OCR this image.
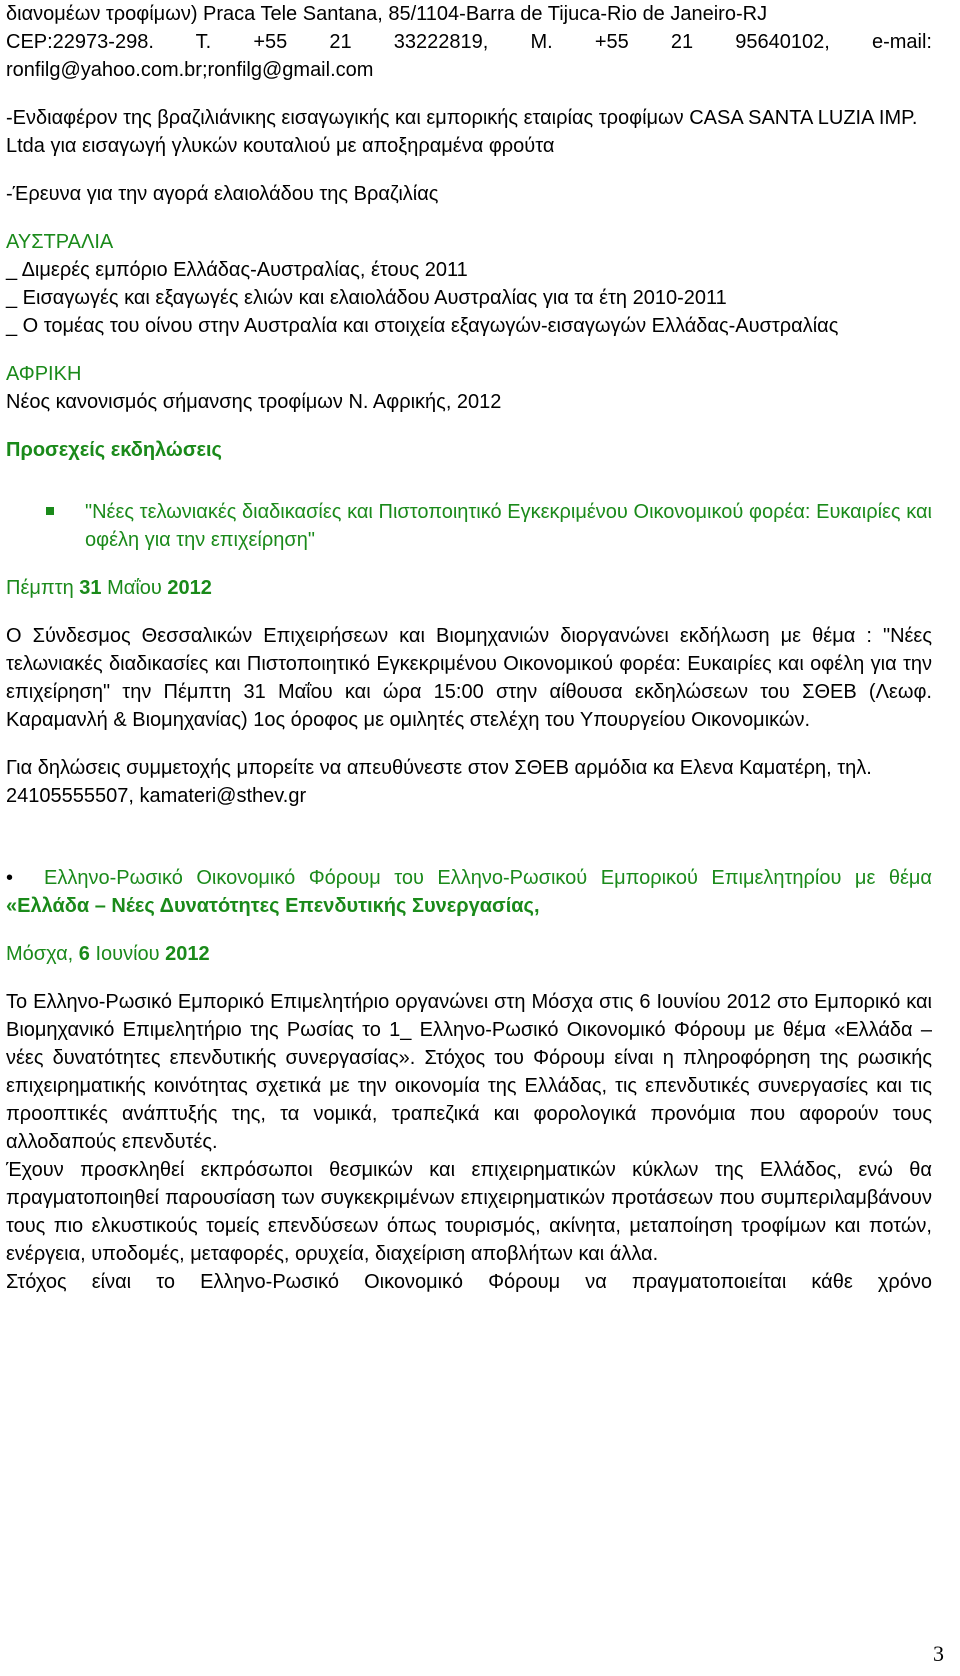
διανομέων τροφίμων) Praca Tele Santana, 85/1104-Barra de Tijuca-Rio de Janeiro-RJ

CEP:22973-298. T. +55 21 33222819, M. +55 21 95640102, e-mail: ronfilg@yahoo.com.br;ronfilg@gmail.com

-Ενδιαφέρον της βραζιλιάνικης εισαγωγικής και εμπορικής εταιρίας τροφίμων CASA SANTA LUZIA IMP. Ltda για εισαγωγή γλυκών κουταλιού με αποξηραμένα φρούτα

-Έρευνα για την αγορά ελαιολάδου της Βραζιλίας

ΑΥΣΤΡΑΛΙΑ

_ Διμερές εμπόριο Ελλάδας-Αυστραλίας, έτους 2011

_ Εισαγωγές και εξαγωγές ελιών και ελαιολάδου Αυστραλίας για τα έτη 2010-2011

_ Ο τομέας του οίνου στην Αυστραλία και στοιχεία εξαγωγών-εισαγωγών Ελλάδας-Αυστραλίας

ΑΦΡΙΚΗ

Νέος κανονισμός σήμανσης τροφίμων Ν. Αφρικής, 2012

Προσεχείς εκδηλώσεις

"Νέες τελωνιακές διαδικασίες και Πιστοποιητικό Εγκεκριμένου Οικονομικού φορέα: Ευκαιρίες και οφέλη για την επιχείρηση"

Πέμπτη 31 Μαΐου 2012

Ο Σύνδεσμος Θεσσαλικών Επιχειρήσεων και Βιομηχανιών διοργανώνει εκδήλωση με θέμα : "Νέες τελωνιακές διαδικασίες και Πιστοποιητικό Εγκεκριμένου Οικονομικού φορέα: Ευκαιρίες και οφέλη για την επιχείρηση" την Πέμπτη 31 Μαΐου και ώρα 15:00 στην αίθουσα εκδηλώσεων του ΣΘΕΒ (Λεωφ. Καραμανλή & Βιομηχανίας) 1ος όροφος με ομιλητές στελέχη του Υπουργείου Οικονομικών.

Για δηλώσεις συμμετοχής μπορείτε να απευθύνεστε στον ΣΘΕΒ αρμόδια κα Ελενα Καματέρη, τηλ. 24105555507, kamateri@sthev.gr

• Ελληνο-Ρωσικό Οικονομικό Φόρουμ του Ελληνο-Ρωσικού Εμπορικού Επιμελητηρίου με θέμα «Ελλάδα – Νέες Δυνατότητες Επενδυτικής Συνεργασίας,

Μόσχα, 6 Ιουνίου 2012

Το Ελληνο-Ρωσικό Εμπορικό Επιμελητήριο οργανώνει στη Μόσχα στις 6 Ιουνίου 2012 στο Εμπορικό και Βιομηχανικό Επιμελητήριο της Ρωσίας το 1_ Ελληνο-Ρωσικό Οικονομικό Φόρουμ με θέμα «Ελλάδα – νέες δυνατότητες επενδυτικής συνεργασίας». Στόχος του Φόρουμ είναι η πληροφόρηση της ρωσικής επιχειρηματικής κοινότητας σχετικά με την οικονομία της Ελλάδας, τις επενδυτικές συνεργασίες και τις προοπτικές ανάπτυξής της, τα νομικά, τραπεζικά και φορολογικά προνόμια που αφορούν τους αλλοδαπούς επενδυτές.

Έχουν προσκληθεί εκπρόσωποι θεσμικών και επιχειρηματικών κύκλων της Ελλάδος, ενώ θα πραγματοποιηθεί παρουσίαση των συγκεκριμένων επιχειρηματικών προτάσεων που συμπεριλαμβάνουν τους πιο ελκυστικούς τομείς επενδύσεων όπως τουρισμός, ακίνητα, μεταποίηση τροφίμων και ποτών, ενέργεια, υποδομές, μεταφορές, ορυχεία, διαχείριση αποβλήτων και άλλα.

Στόχος είναι το Ελληνο-Ρωσικό Οικονομικό Φόρουμ να πραγματοποιείται κάθε χρόνο

3
